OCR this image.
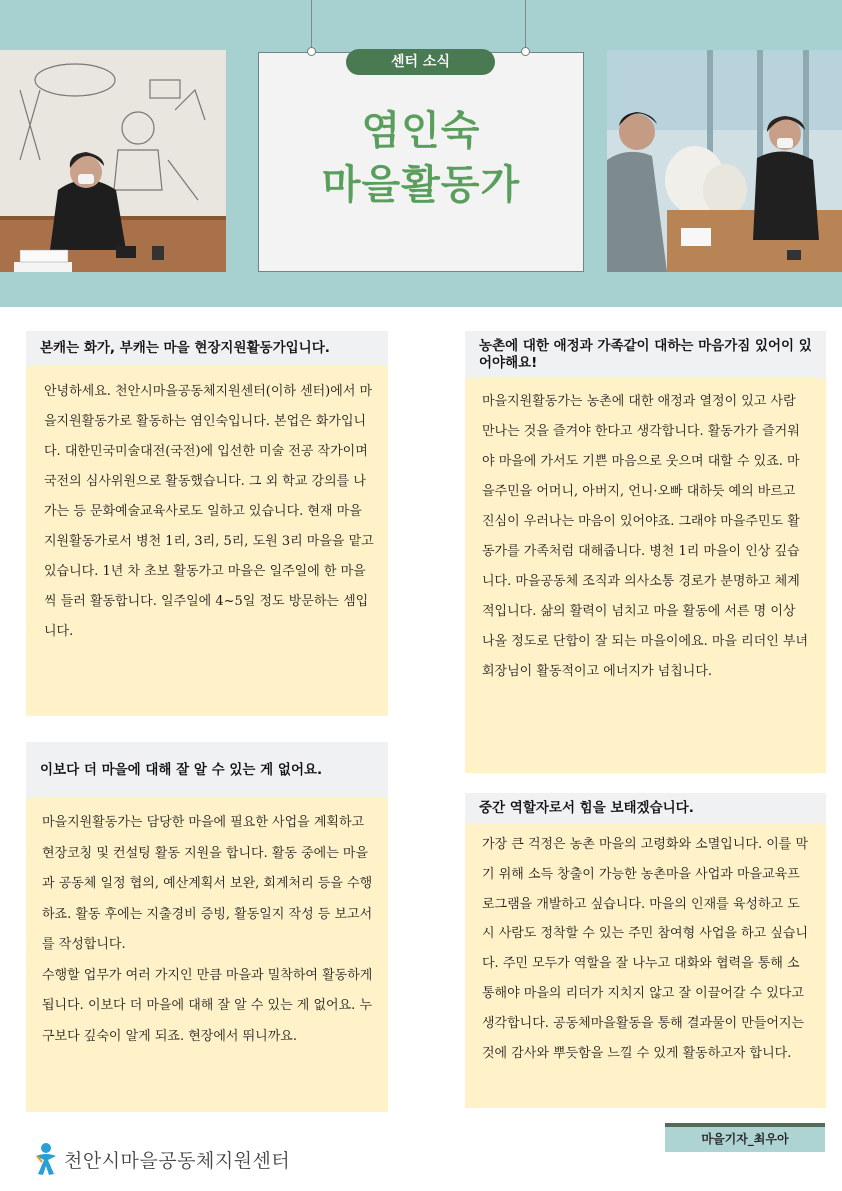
염인숙
마을활동가
센터 소식
본캐는 화가, 부캐는 마을 현장지원활동가입니다.

안녕하세요. 천안시마을공동체지원센터(이하 센터)에서 마을지원활동가로 활동하는 염인숙입니다. 본업은 화가입니다. 대한민국미술대전(국전)에 입선한 미술 전공 작가이며 국전의 심사위원으로 활동했습니다. 그 외 학교 강의를 나가는 등 문화예술교육사로도 일하고 있습니다. 현재 마을지원활동가로서 병천 1리, 3리, 5리, 도원 3리 마을을 맡고 있습니다. 1년 차 초보 활동가고 마을은 일주일에 한 마을씩 들러 활동합니다. 일주일에 4~5일 정도 방문하는 셈입니다.

이보다 더 마을에 대해 잘 알 수 있는 게 없어요.

마을지원활동가는 담당한 마을에 필요한 사업을 계획하고 현장코칭 및 컨설팅 활동 지원을 합니다. 활동 중에는 마을과 공동체 일정 협의, 예산계획서 보완, 회계처리 등을 수행하죠. 활동 후에는 지출경비 증빙, 활동일지 작성 등 보고서를 작성합니다.

수행할 업무가 여러 가지인 만큼 마을과 밀착하여 활동하게 됩니다. 이보다 더 마을에 대해 잘 알 수 있는 게 없어요. 누구보다 깊숙이 알게 되죠. 현장에서 뛰니까요.

농촌에 대한 애정과 가족같이 대하는 마음가짐 있어이 있어야해요!

마을지원활동가는 농촌에 대한 애정과 열정이 있고 사람 만나는 것을 즐겨야 한다고 생각합니다. 활동가가 즐거워야 마을에 가서도 기쁜 마음으로 웃으며 대할 수 있죠. 마을주민을 어머니, 아버지, 언니·오빠 대하듯 예의 바르고 진심이 우러나는 마음이 있어야죠. 그래야 마을주민도 활동가를 가족처럼 대해줍니다. 병천 1리 마을이 인상 깊습니다. 마을공동체 조직과 의사소통 경로가 분명하고 체계적입니다. 삶의 활력이 넘치고 마을 활동에 서른 명 이상 나올 정도로 단합이 잘 되는 마을이에요. 마을 리더인 부녀회장님이 활동적이고 에너지가 넘칩니다.

중간 역할자로서 힘을 보태겠습니다.

가장 큰 걱정은 농촌 마을의 고령화와 소멸입니다. 이를 막기 위해 소득 창출이 가능한 농촌마을 사업과 마을교육프로그램을 개발하고 싶습니다. 마을의 인재를 육성하고 도시 사람도 정착할 수 있는 주민 참여형 사업을 하고 싶습니다. 주민 모두가 역할을 잘 나누고 대화와 협력을 통해 소통해야 마을의 리더가 지치지 않고 잘 이끌어갈 수 있다고 생각합니다. 공동체마을활동을 통해 결과물이 만들어지는 것에 감사와 뿌듯함을 느낄 수 있게 활동하고자 합니다.

천안시마을공동체지원센터
마을기자_최우아
